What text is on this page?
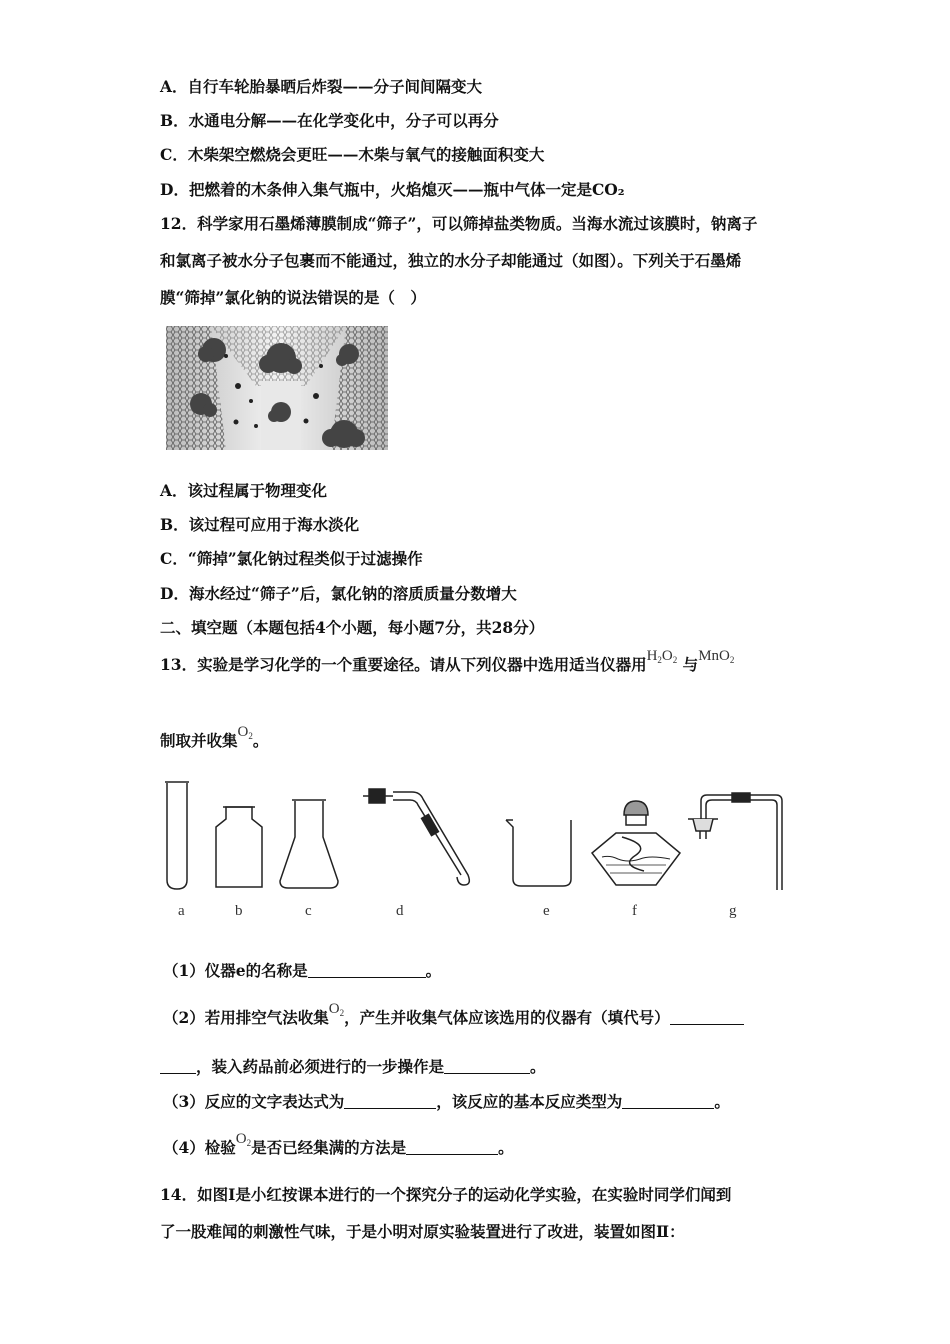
A．自行车轮胎暴晒后炸裂——分子间间隔变大
B．水通电分解——在化学变化中，分子可以再分
C．木柴架空燃烧会更旺——木柴与氧气的接触面积变大
D．把燃着的木条伸入集气瓶中，火焰熄灭——瓶中气体一定是CO₂
12．科学家用石墨烯薄膜制成“筛子”，可以筛掉盐类物质。当海水流过该膜时，钠离子
和氯离子被水分子包裹而不能通过，独立的水分子却能通过（如图）。下列关于石墨烯
膜“筛掉”氯化钠的说法错误的是（　）
A．该过程属于物理变化
B．该过程可应用于海水淡化
C．“筛掉”氯化钠过程类似于过滤操作
D．海水经过“筛子”后，氯化钠的溶质质量分数增大
二、填空题（本题包括4个小题，每小题7分，共28分）
13．实验是学习化学的一个重要途径。请从下列仪器中选用适当仪器用$H_2O_2$ 与MnO$_2$
制取并收集$O_2$。
a	b	c	d	e	f	g
（1）仪器e的名称是	。
（2）若用排空气法收集$O_2$，产生并收集气体应该选用的仪器有（填代号）
，装入药品前必须进行的一步操作是	。
（3）反应的文字表达式为	，该反应的基本反应类型为	。
（4）检验$O_2$是否已经集满的方法是	。
14．如图Ⅰ是小红按课本进行的一个探究分子的运动化学实验，在实验时同学们闻到
了一股难闻的刺激性气味，于是小明对原实验装置进行了改进，装置如图Ⅱ：
